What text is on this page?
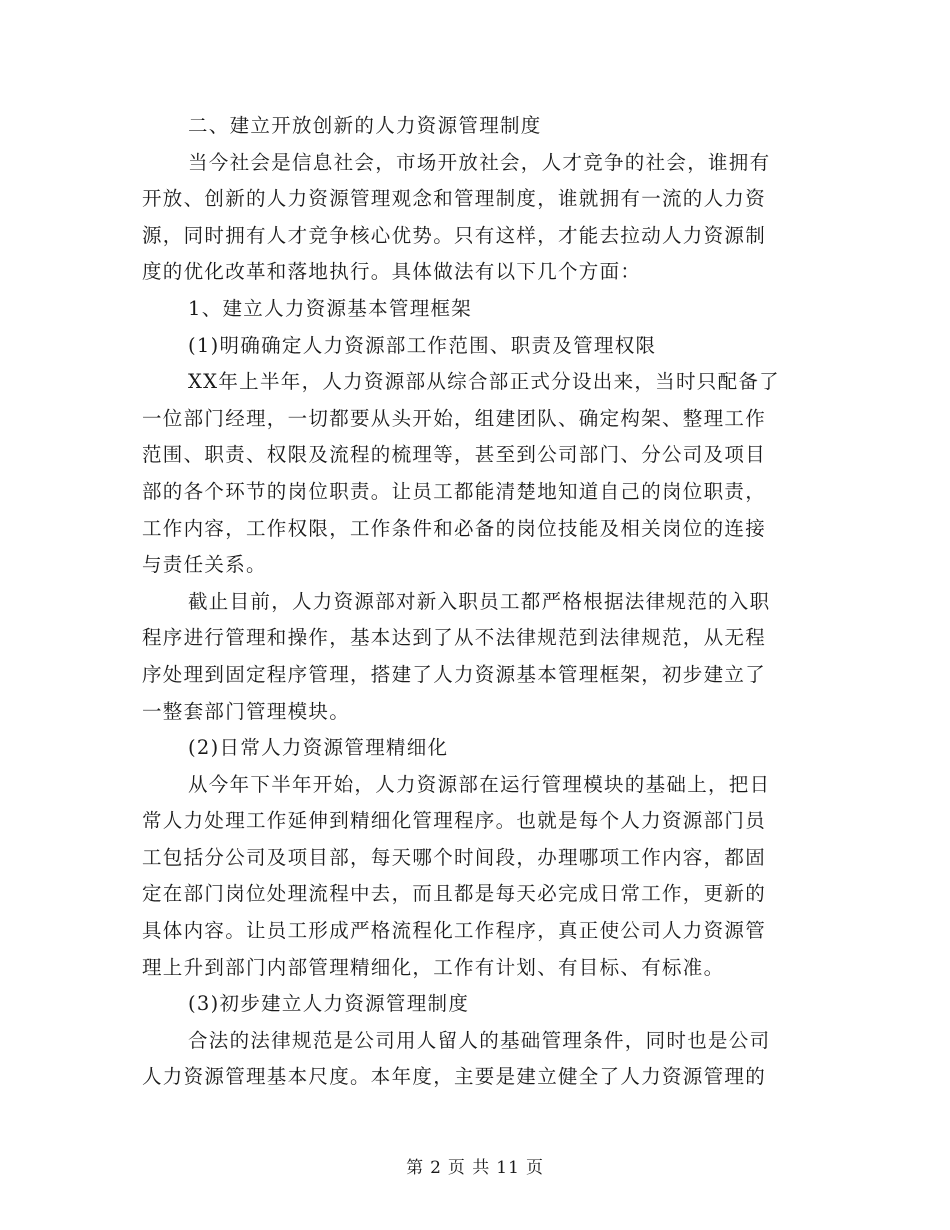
二、建立开放创新的人力资源管理制度
当今社会是信息社会，市场开放社会，人才竞争的社会，谁拥有
开放、创新的人力资源管理观念和管理制度，谁就拥有一流的人力资
源，同时拥有人才竞争核心优势。只有这样，才能去拉动人力资源制
度的优化改革和落地执行。具体做法有以下几个方面：
1、建立人力资源基本管理框架
(1)明确确定人力资源部工作范围、职责及管理权限
XX年上半年，人力资源部从综合部正式分设出来，当时只配备了
一位部门经理，一切都要从头开始，组建团队、确定构架、整理工作
范围、职责、权限及流程的梳理等，甚至到公司部门、分公司及项目
部的各个环节的岗位职责。让员工都能清楚地知道自己的岗位职责，
工作内容，工作权限，工作条件和必备的岗位技能及相关岗位的连接
与责任关系。
截止目前，人力资源部对新入职员工都严格根据法律规范的入职
程序进行管理和操作，基本达到了从不法律规范到法律规范，从无程
序处理到固定程序管理，搭建了人力资源基本管理框架，初步建立了
一整套部门管理模块。
(2)日常人力资源管理精细化
从今年下半年开始，人力资源部在运行管理模块的基础上，把日
常人力处理工作延伸到精细化管理程序。也就是每个人力资源部门员
工包括分公司及项目部，每天哪个时间段，办理哪项工作内容，都固
定在部门岗位处理流程中去，而且都是每天必完成日常工作，更新的
具体内容。让员工形成严格流程化工作程序，真正使公司人力资源管
理上升到部门内部管理精细化，工作有计划、有目标、有标准。
(3)初步建立人力资源管理制度
合法的法律规范是公司用人留人的基础管理条件，同时也是公司
人力资源管理基本尺度。本年度，主要是建立健全了人力资源管理的
第 2 页 共 11 页
